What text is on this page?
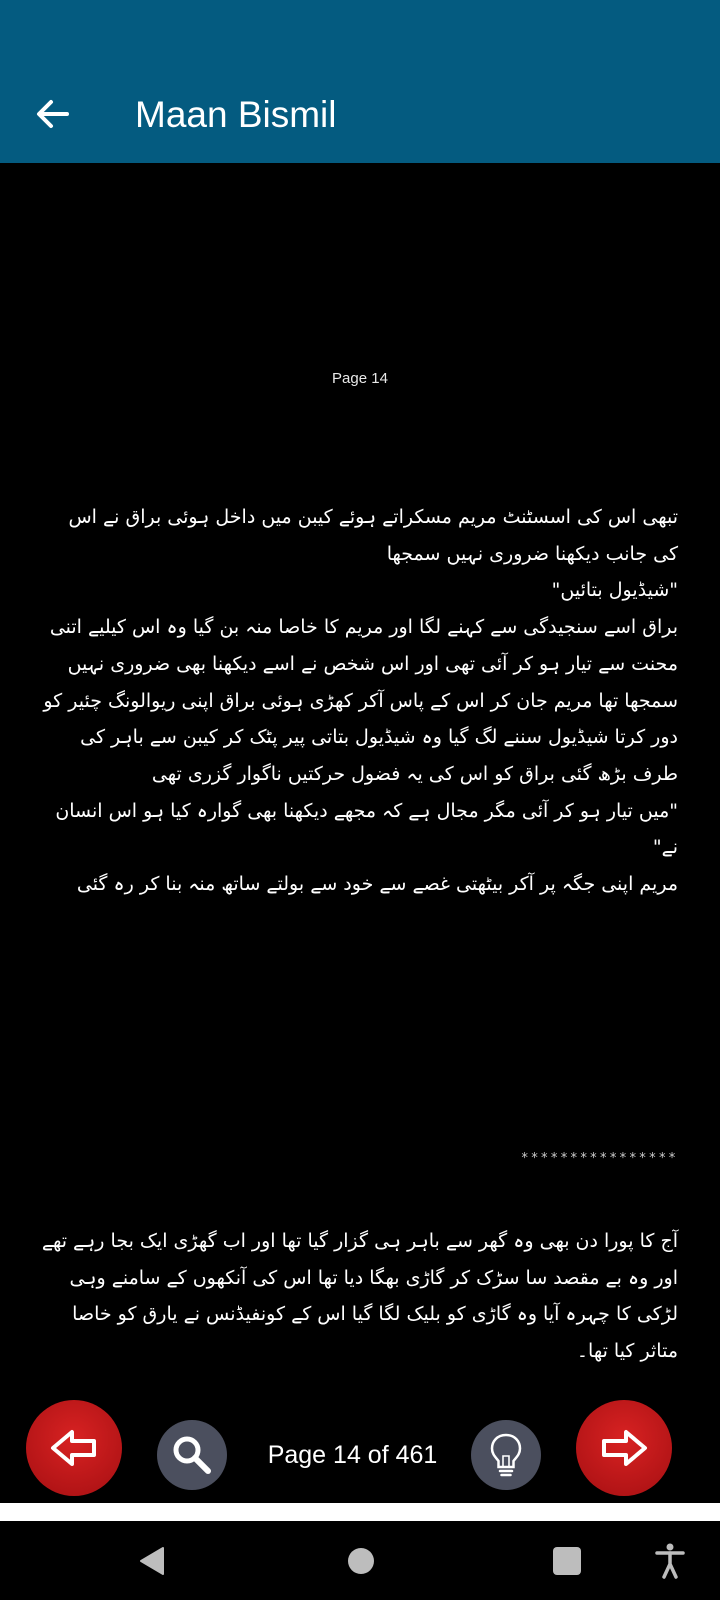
Maan Bismil
Page 14

تبھی اس کی اسسٹنٹ مریم مسکراتے ہوئے کیبن میں داخل ہوئی براق نے اس کی جانب دیکھنا ضروری نہیں سمجھا

"شیڈیول بتائیں"

براق اسے سنجیدگی سے کہنے لگا اور مریم کا خاصا منہ بن گیا وہ اس کیلیے اتنی محنت سے تیار ہو کر آئی تھی اور اس شخص نے اسے دیکھنا بھی ضروری نہیں سمجھا تھا مریم جان کر اس کے پاس آکر کھڑی ہوئی براق اپنی ریوالونگ چئیر کو دور کرتا شیڈیول سننے لگ گیا وہ شیڈیول بتاتی پیر پٹک کر کیبن سے باہر کی طرف بڑھ گئی براق کو اس کی یہ فضول حرکتیں ناگوار گزری تھی

"میں تیار ہو کر آئی مگر مجال ہے کہ مجھے دیکھنا بھی گوارہ کیا ہو اس انسان نے"

مریم اپنی جگہ پر آکر بیٹھتی غصے سے خود سے بولتے ساتھ منہ بنا کر رہ گئی

****************

آج کا پورا دن بھی وہ گھر سے باہر ہی گزار گیا تھا اور اب گھڑی ایک بجا رہے تھے اور وہ بے مقصد سا سڑک کر گاڑی بھگا دیا تھا اس کی آنکھوں کے سامنے وہی لڑکی کا چہرہ آیا وہ گاڑی کو بلیک لگا گیا اس کے کونفیڈنس نے یارق کو خاصا متاثر کیا تھا۔

Page 14 of 461
